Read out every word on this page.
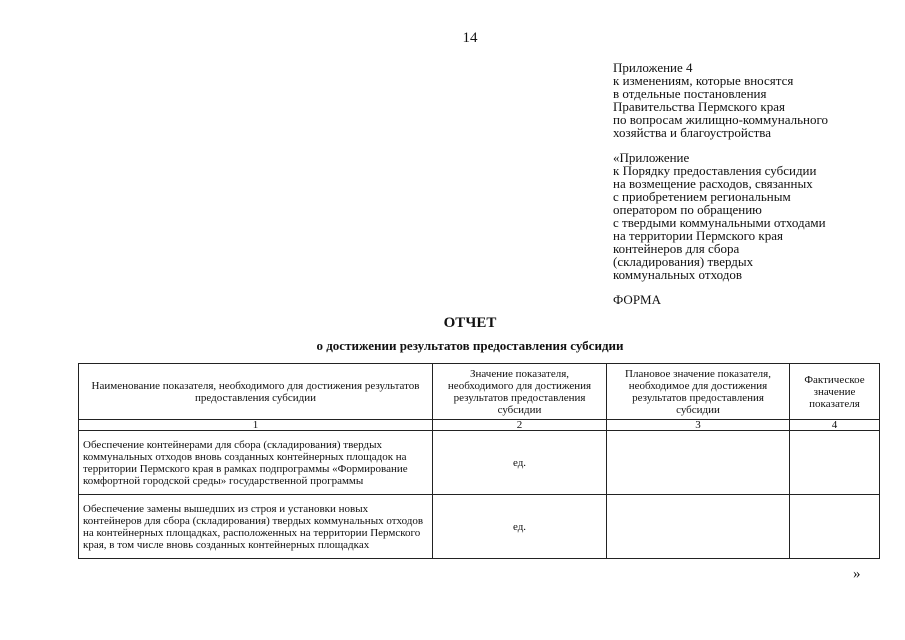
14
Приложение 4
к изменениям, которые вносятся
в отдельные постановления
Правительства Пермского края
по вопросам жилищно-коммунального
хозяйства и благоустройства
«Приложение
к Порядку предоставления субсидии
на возмещение расходов, связанных
с приобретением региональным
оператором по обращению
с твердыми коммунальными отходами
на территории Пермского края
контейнеров для сбора
(складирования) твердых
коммунальных отходов
ФОРМА
ОТЧЕТ
о достижении результатов предоставления субсидии
Наименование показателя, необходимого для достижения результатов предоставления субсидии	Значение показателя, необходимого для достижения результатов предоставления субсидии	Плановое значение показателя, необходимое для достижения результатов предоставления субсидии	Фактическое значение показателя
1	2	3	4
Обеспечение контейнерами для сбора (складирования) твердых коммунальных отходов вновь созданных контейнерных площадок на территории Пермского края в рамках подпрограммы «Формирование комфортной городской среды» государственной программы	ед.		
Обеспечение замены вышедших из строя и установки новых контейнеров для сбора (складирования) твердых коммунальных отходов на контейнерных площадках, расположенных на территории Пермского края, в том числе вновь созданных контейнерных площадках	ед.		
»
